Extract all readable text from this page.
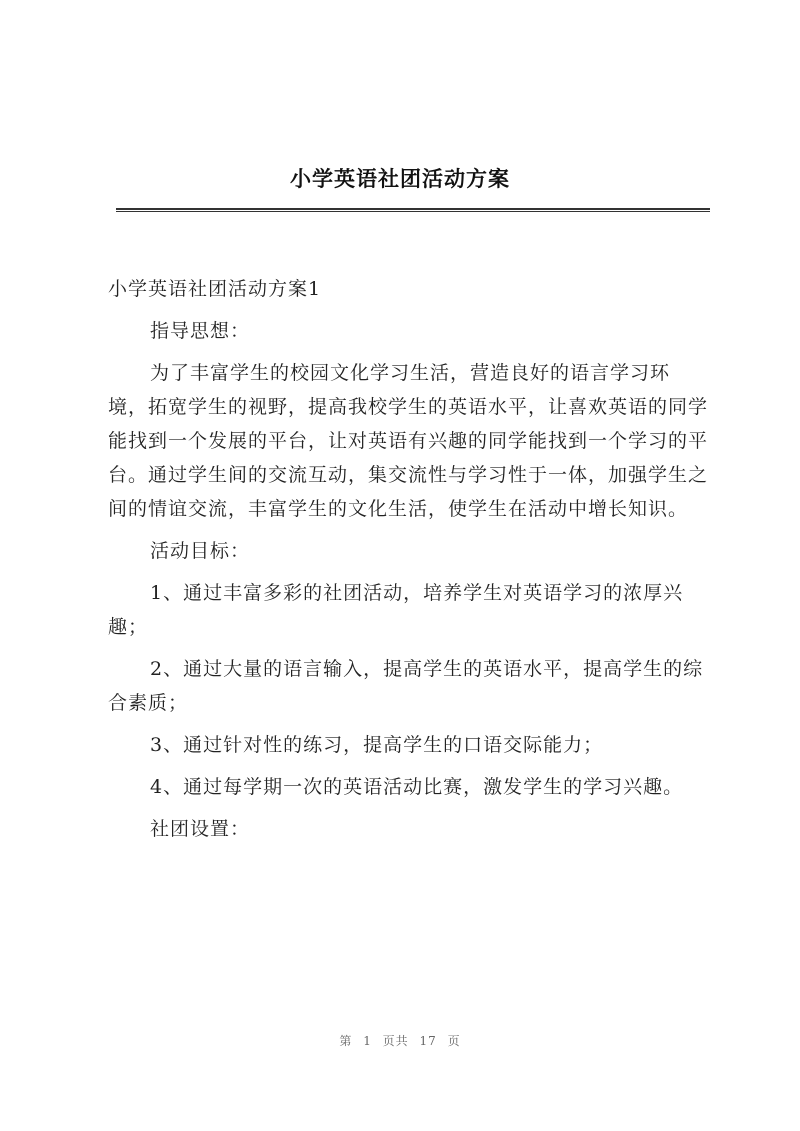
小学英语社团活动方案

小学英语社团活动方案1

指导思想：

为了丰富学生的校园文化学习生活，营造良好的语言学习环境，拓宽学生的视野，提高我校学生的英语水平，让喜欢英语的同学能找到一个发展的平台，让对英语有兴趣的同学能找到一个学习的平台。通过学生间的交流互动，集交流性与学习性于一体，加强学生之间的情谊交流，丰富学生的文化生活，使学生在活动中增长知识。

活动目标：

1、通过丰富多彩的社团活动，培养学生对英语学习的浓厚兴趣；

2、通过大量的语言输入，提高学生的英语水平，提高学生的综合素质；

3、通过针对性的练习，提高学生的口语交际能力；

4、通过每学期一次的英语活动比赛，激发学生的学习兴趣。

社团设置：

第 1 页共 17 页
